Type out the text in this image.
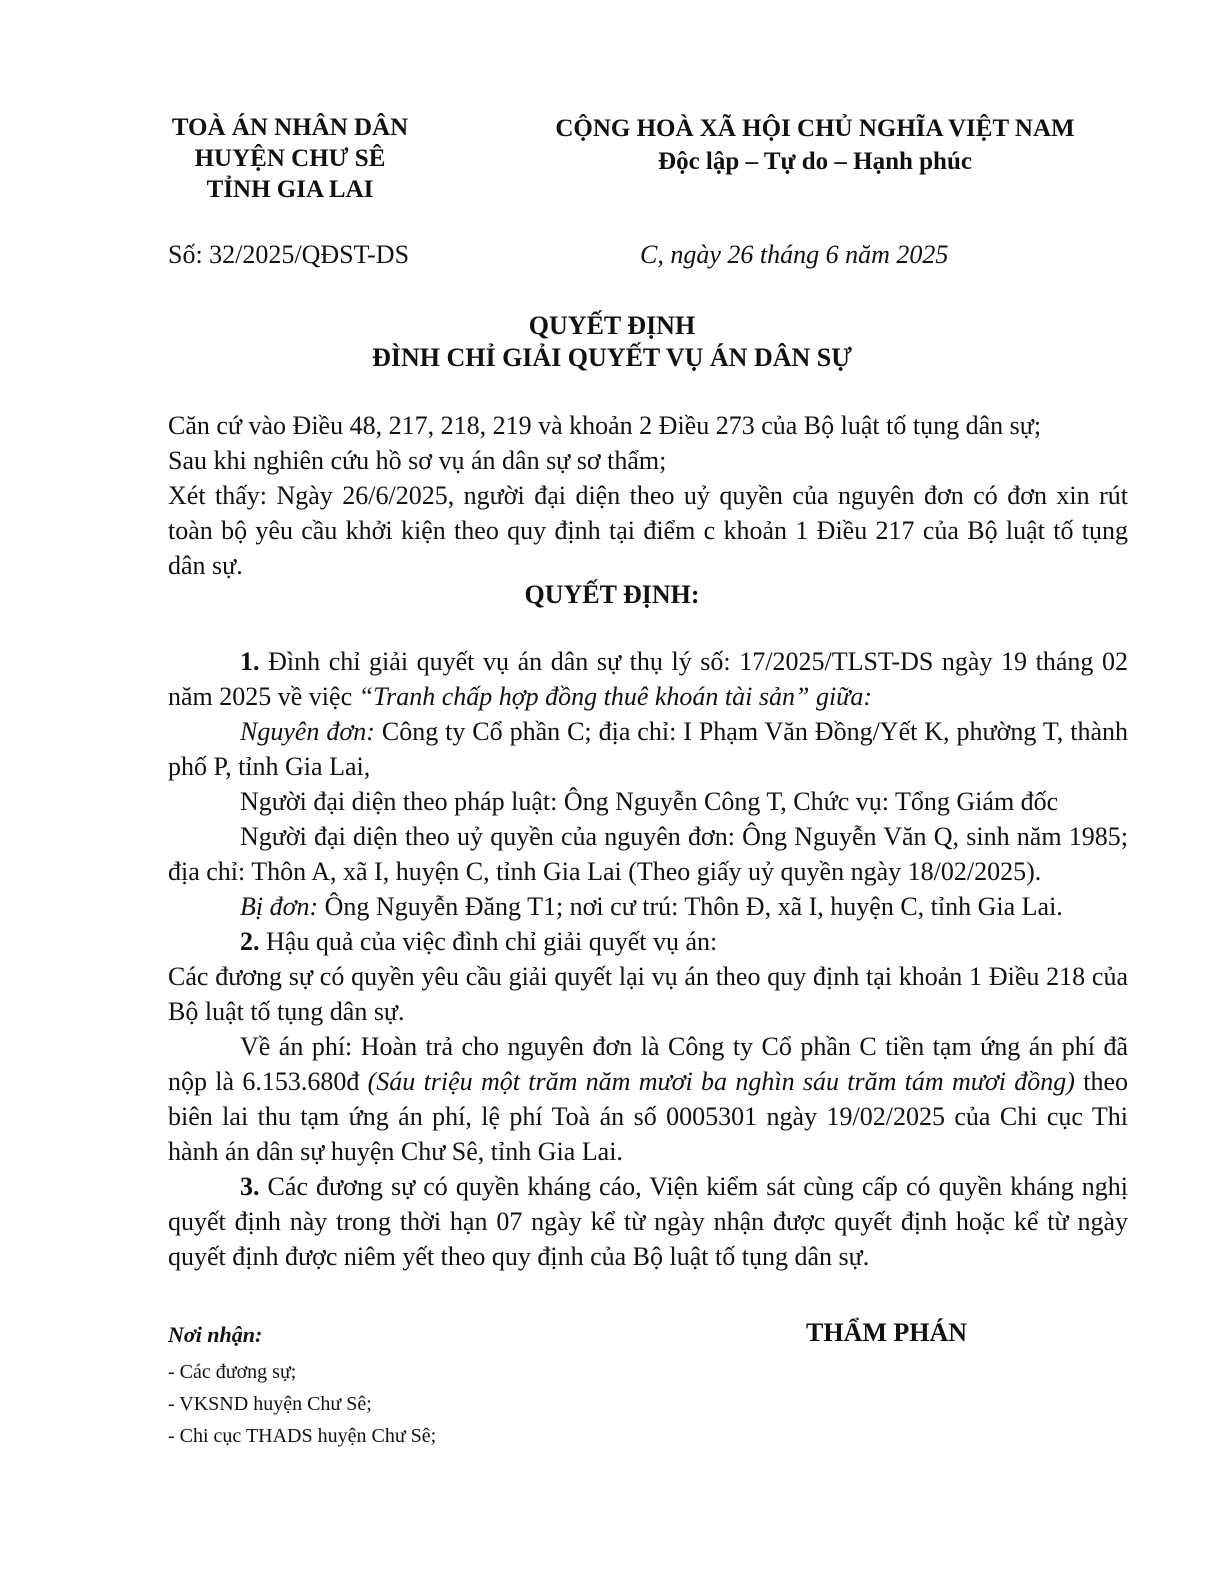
TOÀ ÁN NHÂN DÂN
HUYỆN CHƯ SÊ
TỈNH GIA LAI
CỘNG HOÀ XÃ HỘI CHỦ NGHĨA VIỆT NAM
Độc lập – Tự do – Hạnh phúc
Số: 32/2025/QĐST-DS	C, ngày 26 tháng 6 năm 2025
QUYẾT ĐỊNH
ĐÌNH CHỈ GIẢI QUYẾT VỤ ÁN DÂN SỰ

Căn cứ vào Điều 48, 217, 218, 219 và khoản 2 Điều 273 của Bộ luật tố tụng dân sự;

Sau khi nghiên cứu hồ sơ vụ án dân sự sơ thẩm;

Xét thấy: Ngày 26/6/2025, người đại diện theo uỷ quyền của nguyên đơn có đơn xin rút toàn bộ yêu cầu khởi kiện theo quy định tại điểm c khoản 1 Điều 217 của Bộ luật tố tụng dân sự.

QUYẾT ĐỊNH:

1. Đình chỉ giải quyết vụ án dân sự thụ lý số: 17/2025/TLST-DS ngày 19 tháng 02 năm 2025 về việc “Tranh chấp hợp đồng thuê khoán tài sản” giữa:

Nguyên đơn: Công ty Cổ phần C; địa chỉ: I Phạm Văn Đồng/Yết K, phường T, thành phố P, tỉnh Gia Lai,

Người đại diện theo pháp luật: Ông Nguyễn Công T, Chức vụ: Tổng Giám đốc

Người đại diện theo uỷ quyền của nguyên đơn: Ông Nguyễn Văn Q, sinh năm 1985; địa chỉ: Thôn A, xã I, huyện C, tỉnh Gia Lai (Theo giấy uỷ quyền ngày 18/02/2025).

Bị đơn: Ông Nguyễn Đăng T1; nơi cư trú: Thôn Đ, xã I, huyện C, tỉnh Gia Lai.

2. Hậu quả của việc đình chỉ giải quyết vụ án:

Các đương sự có quyền yêu cầu giải quyết lại vụ án theo quy định tại khoản 1 Điều 218 của Bộ luật tố tụng dân sự.

Về án phí: Hoàn trả cho nguyên đơn là Công ty Cổ phần C tiền tạm ứng án phí đã nộp là 6.153.680đ (Sáu triệu một trăm năm mươi ba nghìn sáu trăm tám mươi đồng) theo biên lai thu tạm ứng án phí, lệ phí Toà án số 0005301 ngày 19/02/2025 của Chi cục Thi hành án dân sự huyện Chư Sê, tỉnh Gia Lai.

3. Các đương sự có quyền kháng cáo, Viện kiểm sát cùng cấp có quyền kháng nghị quyết định này trong thời hạn 07 ngày kể từ ngày nhận được quyết định hoặc kể từ ngày quyết định được niêm yết theo quy định của Bộ luật tố tụng dân sự.

Nơi nhận:
- Các đương sự;
- VKSND huyện Chư Sê;
- Chi cục THADS huyện Chư Sê;
THẨM PHÁN
